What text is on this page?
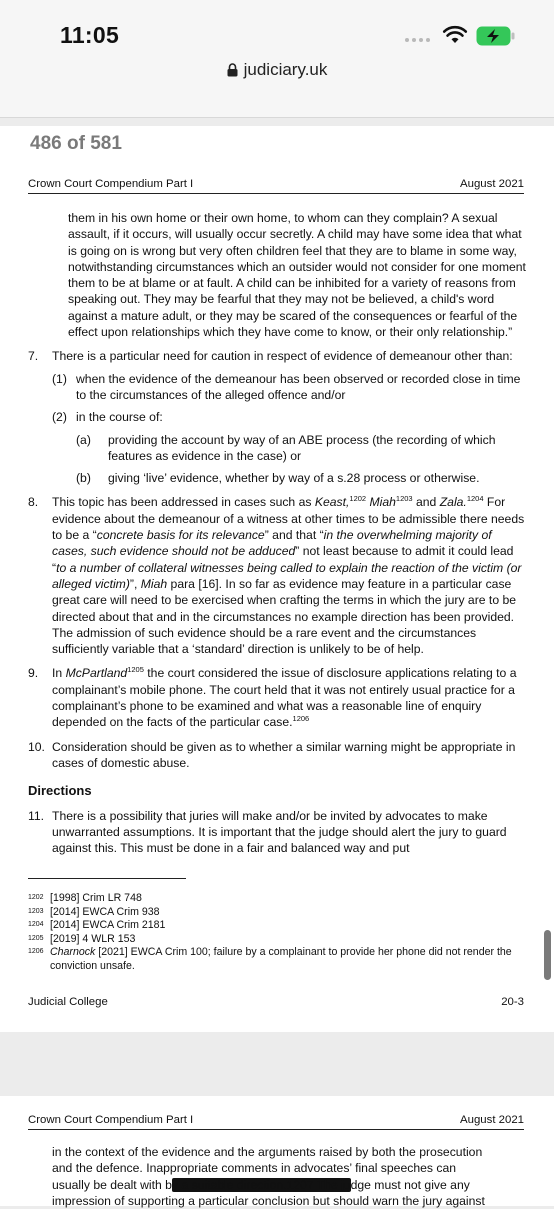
11:05
judiciary.uk
486 of 581
Crown Court Compendium Part I	August 2021
them in his own home or their own home, to whom can they complain? A sexual assault, if it occurs, will usually occur secretly. A child may have some idea that what is going on is wrong but very often children feel that they are to blame in some way, notwithstanding circumstances which an outsider would not consider for one moment them to be at blame or at fault. A child can be inhibited for a variety of reasons from speaking out. They may be fearful that they may not be believed, a child's word against a mature adult, or they may be scared of the consequences or fearful of the effect upon relationships which they have come to know, or their only relationship.”
7.	There is a particular need for caution in respect of evidence of demeanour other than:
(1) when the evidence of the demeanour has been observed or recorded close in time to the circumstances of the alleged offence and/or
(2) in the course of:
(a)	providing the account by way of an ABE process (the recording of which features as evidence in the case) or
(b)	giving ‘live’ evidence, whether by way of a s.28 process or otherwise.
8.	This topic has been addressed in cases such as Keast,$^{1202}$ Miah$^{1203}$ and Zala.$^{1204}$ For evidence about the demeanour of a witness at other times to be admissible there needs to be a “concrete basis for its relevance” and that “in the overwhelming majority of cases, such evidence should not be adduced” not least because to admit it could lead “to a number of collateral witnesses being called to explain the reaction of the victim (or alleged victim)”, Miah para [16]. In so far as evidence may feature in a particular case great care will need to be exercised when crafting the terms in which the jury are to be directed about that and in the circumstances no example direction has been provided. The admission of such evidence should be a rare event and the circumstances sufficiently variable that a ‘standard’ direction is unlikely to be of help.
9.	In McPartland$^{1205}$ the court considered the issue of disclosure applications relating to a complainant’s mobile phone. The court held that it was not entirely usual practice for a complainant’s phone to be examined and what was a reasonable line of enquiry depended on the facts of the particular case.$^{1206}$
10. Consideration should be given as to whether a similar warning might be appropriate in cases of domestic abuse.
Directions
11. There is a possibility that juries will make and/or be invited by advocates to make unwarranted assumptions. It is important that the judge should alert the jury to guard against this. This must be done in a fair and balanced way and put
1202 [1998] Crim LR 748
1203 [2014] EWCA Crim 938
1204 [2014] EWCA Crim 2181
1205 [2019] 4 WLR 153
1206 Charnock [2021] EWCA Crim 100; failure by a complainant to provide her phone did not render the conviction unsafe.
Judicial College	20-3
Crown Court Compendium Part I	August 2021
in the context of the evidence and the arguments raised by both the prosecution
and the defence. Inappropriate comments in advocates’ final speeches can
usually be dealt with by a suitable direction.1207 The judge must not give any
impression of supporting a particular conclusion but should warn the jury against
